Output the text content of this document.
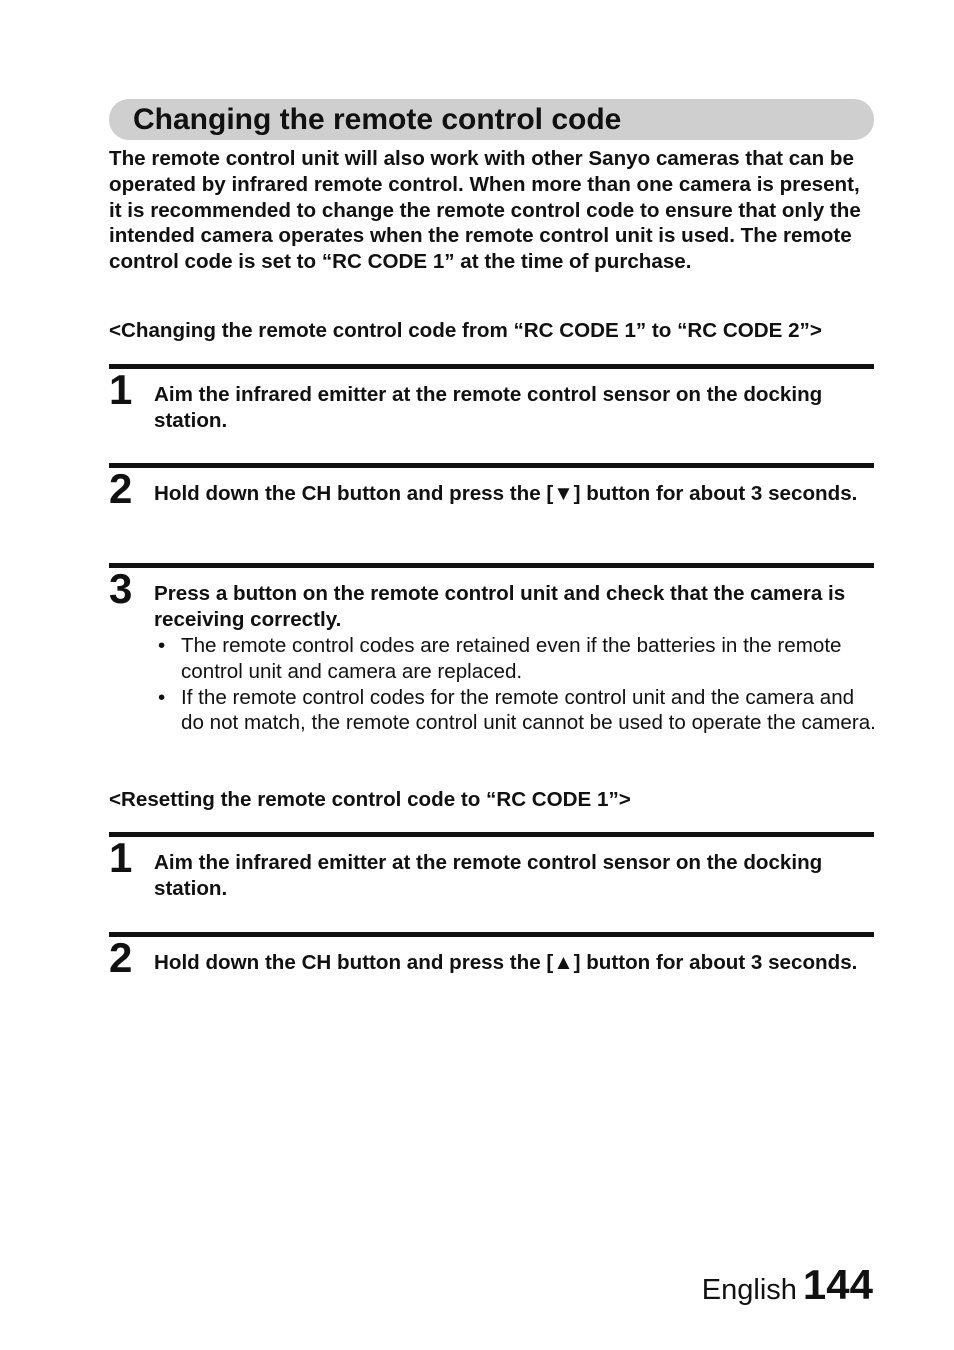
Changing the remote control code

The remote control unit will also work with other Sanyo cameras that can be operated by infrared remote control. When more than one camera is present, it is recommended to change the remote control code to ensure that only the intended camera operates when the remote control unit is used. The remote control code is set to “RC CODE 1” at the time of purchase.

<Changing the remote control code from “RC CODE 1” to “RC CODE 2”>

1 Aim the infrared emitter at the remote control sensor on the docking station.

2 Hold down the CH button and press the [▼] button for about 3 seconds.

3 Press a button on the remote control unit and check that the camera is receiving correctly.

• The remote control codes are retained even if the batteries in the remote control unit and camera are replaced.
• If the remote control codes for the remote control unit and the camera and do not match, the remote control unit cannot be used to operate the camera.

<Resetting the remote control code to “RC CODE 1”>

1 Aim the infrared emitter at the remote control sensor on the docking station.

2 Hold down the CH button and press the [▲] button for about 3 seconds.

English 144
